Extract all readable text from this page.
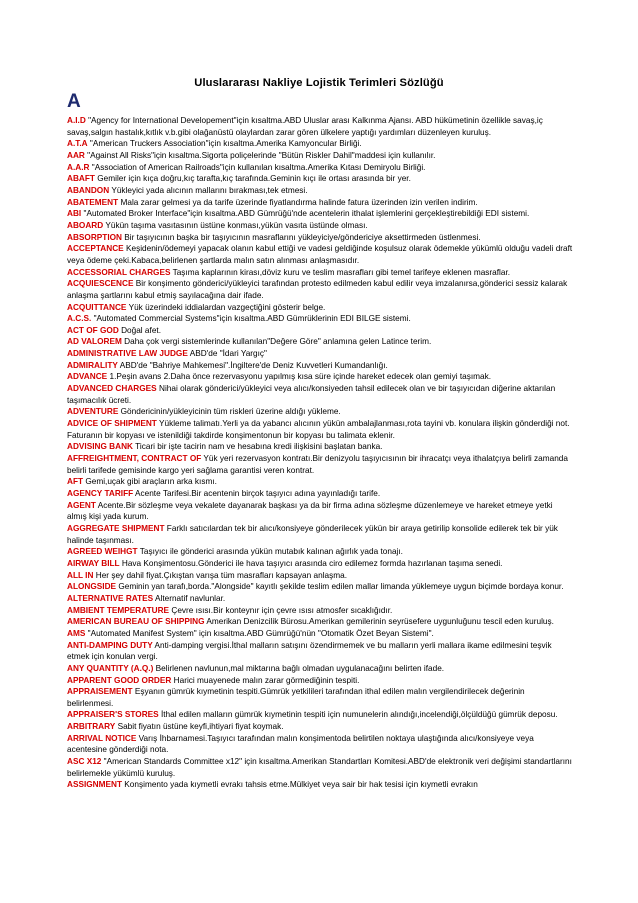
Uluslararası Nakliye Lojistik Terimleri Sözlüğü
A

A.I.D "Agency for International Developement"için kısaltma.ABD Uluslar arası Kalkınma Ajansı. ABD hükümetinin özellikle savaş,iç savaş,salgın hastalık,kıtlık v.b.gibi olağanüstü olaylardan zarar gören ülkelere yaptığı yardımları düzenleyen kuruluş.

A.T.A "American Truckers Association"için kısaltma.Amerika Kamyoncular Birliği.

AAR "Against All Risks"için kısaltma.Sigorta poliçelerinde "Bütün Riskler Dahil"maddesi için kullanılır.

A.A.R "Association of American Railroads"için kullanılan kısaltma.Amerika Kıtası Demiryolu Birliği.

ABAFT Gemiler için kıça doğru,kıç tarafta,kıç tarafında.Geminin kıçı ile ortası arasında bir yer.

ABANDON Yükleyici yada alıcının mallarını bırakması,tek etmesi.

ABATEMENT Mala zarar gelmesi ya da tarife üzerinde fiyatlandırma halinde fatura üzerinden izin verilen indirim.

ABI "Automated Broker Interface"için kısaltma.ABD Gümrüğü'nde acentelerin ithalat işlemlerini gerçekleştirebildiği EDI sistemi.

ABOARD Yükün taşıma vasıtasının üstüne konması,yükün vasıta üstünde olması.

ABSORPTION Bir taşıyıcının başka bir taşıyıcının masraflarını yükleyiciye/göndericiye aksettirmeden üstlenmesi.

ACCEPTANCE Keşidenin/ödemeyi yapacak olanın kabul ettiği ve vadesi geldiğinde koşulsuz olarak ödemekle yükümlü olduğu vadeli draft veya ödeme çeki.Kabaca,belirlenen şartlarda malın satın alınması anlaşmasıdır.

ACCESSORIAL CHARGES Taşıma kaplarının kirası,döviz kuru ve teslim masrafları gibi temel tarifeye eklenen masraflar.

ACQUIESCENCE Bir konşimento gönderici/yükleyici tarafından protesto edilmeden kabul edilir veya imzalanırsa,gönderici sessiz kalarak anlaşma şartlarını kabul etmiş sayılacağına dair ifade.

ACQUITTANCE Yük üzerindeki iddialardan vazgeçtiğini gösterir belge.

A.C.S. "Automated Commercial Systems"için kısaltma.ABD Gümrüklerinin EDI BILGE sistemi.

ACT OF GOD Doğal afet.

AD VALOREM Daha çok vergi sistemlerinde kullanılan"Değere Göre" anlamına gelen Latince terim.

ADMINISTRATIVE LAW JUDGE ABD'de "İdari Yargıç"

ADMIRALITY ABD'de "Bahriye Mahkemesi".İngiltere'de Deniz Kuvvetleri Kumandanlığı.

ADVANCE 1.Peşin avans 2.Daha önce rezervasyonu yapılmış kısa süre içinde hareket edecek olan gemiyi taşımak.

ADVANCED CHARGES Nihai olarak gönderici/yükleyici veya alıcı/konsiyeden tahsil edilecek olan ve bir taşıyıcıdan diğerine aktarılan taşımacılık ücreti.

ADVENTURE Göndericinin/yükleyicinin tüm riskleri üzerine aldığı yükleme.

ADVICE OF SHIPMENT Yükleme talimatı.Yerli ya da yabancı alıcının yükün ambalajlanması,rota tayini vb. konulara ilişkin gönderdiği not. Faturanın bir kopyası ve istenildiği takdirde konşimentonun bir kopyası bu talimata eklenir.

ADVISING BANK Ticari bir işte tacirin nam ve hesabına kredi ilişkisini başlatan banka.

AFFREIGHTMENT, CONTRACT OF Yük yeri rezervasyon kontratı.Bir denizyolu taşıyıcısının bir ihracatçı veya ithalatçıya belirli zamanda belirli tarifede gemisinde kargo yeri sağlama garantisi veren kontrat.

AFT Gemi,uçak gibi araçların arka kısmı.

AGENCY TARIFF Acente Tarifesi.Bir acentenin birçok taşıyıcı adına yayınladığı tarife.

AGENT Acente.Bir sözleşme veya vekalete dayanarak başkası ya da bir firma adına sözleşme düzenlemeye ve hareket etmeye yetki almış kişi yada kurum.

AGGREGATE SHIPMENT Farklı satıcılardan tek bir alıcı/konsiyeye gönderilecek yükün bir araya getirilip konsolide edilerek tek bir yük halinde taşınması.

AGREED WEIHGT Taşıyıcı ile gönderici arasında yükün mutabık kalınan ağırlık yada tonajı.

AIRWAY BILL Hava Konşimentosu.Gönderici ile hava taşıyıcı arasında ciro edilemez formda hazırlanan taşıma senedi.

ALL IN Her şey dahil fiyat.Çıkıştan varışa tüm masrafları kapsayan anlaşma.

ALONGSIDE Geminin yan tarafı,borda."Alongside" kayıtlı şekilde teslim edilen mallar limanda yüklemeye uygun biçimde bordaya konur.

ALTERNATIVE RATES Alternatif navlunlar.

AMBIENT TEMPERATURE Çevre ısısı.Bir konteynır için çevre ısısı atmosfer sıcaklığıdır.

AMERICAN BUREAU OF SHIPPING Amerikan Denizcilik Bürosu.Amerikan gemilerinin seyrüsefere uygunluğunu tescil eden kuruluş.

AMS "Automated Manifest System" için kısaltma.ABD Gümrüğü'nün "Otomatik Özet Beyan Sistemi".

ANTI-DAMPING DUTY Anti-damping vergisi.İthal malların satışını özendirmemek ve bu malların yerli mallara ikame edilmesini teşvik etmek için konulan vergi.

ANY QUANTITY (A.Q.) Belirlenen navlunun,mal miktarına bağlı olmadan uygulanacağını belirten ifade.

APPARENT GOOD ORDER Harici muayenede malın zarar görmediğinin tespiti.

APPRAISEMENT Eşyanın gümrük kıymetinin tespiti.Gümrük yetkilileri tarafından ithal edilen malın vergilendirilecek değerinin belirlenmesi.

APPRAISER'S STORES İthal edilen malların gümrük kıymetinin tespiti için numunelerin alındığı,incelendiği,ölçüldüğü gümrük deposu.

ARBITRARY Sabit fiyatın üstüne keyfi,ihtiyari fiyat koymak.

ARRIVAL NOTICE Varış İhbarnamesi.Taşıyıcı tarafından malın konşimentoda belirtilen noktaya ulaştığında alıcı/konsiyeye veya acentesine gönderdiği nota.

ASC X12 "American Standards Committee x12" için kısaltma.Amerikan Standartları Komitesi.ABD'de elektronik veri değişimi standartlarını belirlemekle yükümlü kuruluş.

ASSIGNMENT Konşimento yada kıymetli evrakı tahsis etme.Mülkiyet veya sair bir hak tesisi için kıymetli evrakın
